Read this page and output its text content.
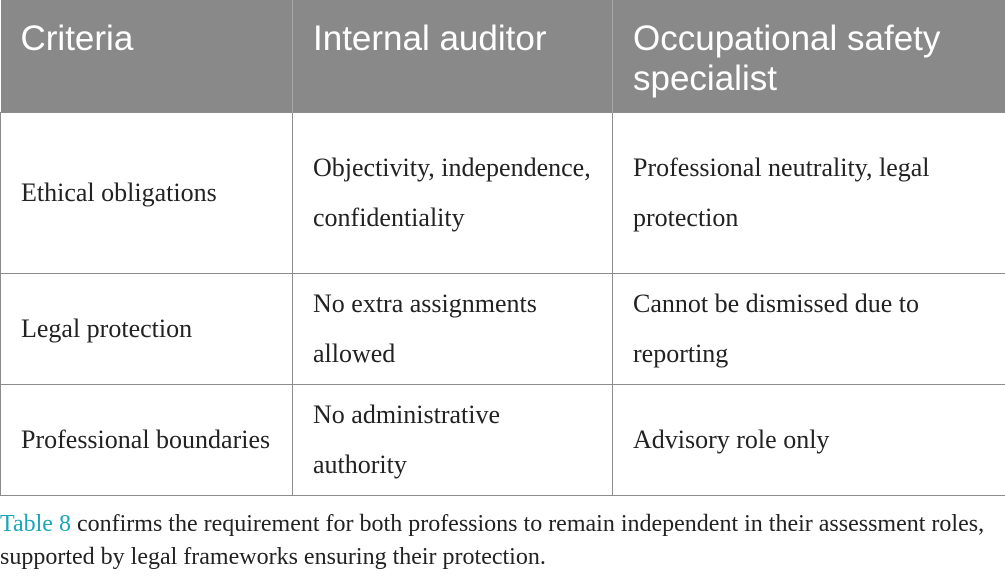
Criteria	Internal auditor	Occupational safety specialist
Ethical obligations	Objectivity, independence, confidentiality	Professional neutrality, legal protection
Legal protection	No extra assignments allowed	Cannot be dismissed due to reporting
Professional boundaries	No administrative authority	Advisory role only

Table 8 confirms the requirement for both professions to remain independent in their assessment roles, supported by legal frameworks ensuring their protection.
